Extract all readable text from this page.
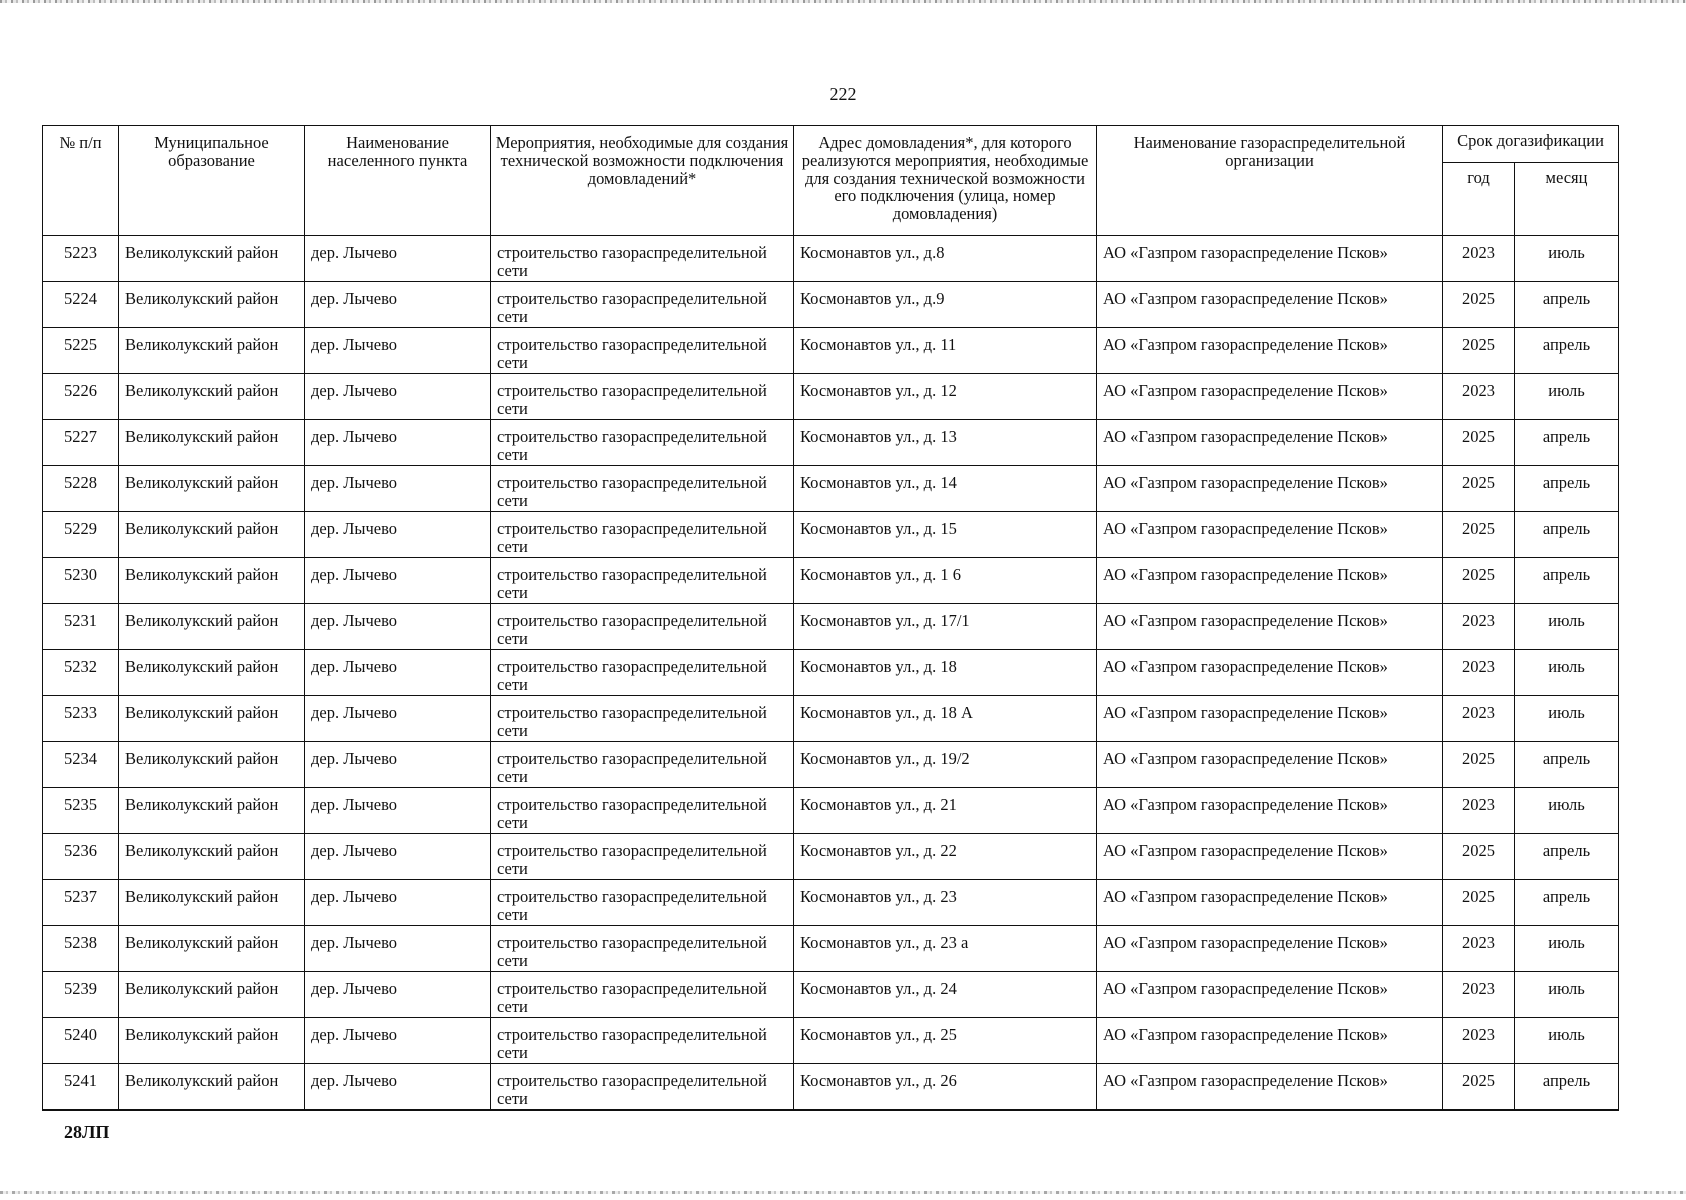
222
№ п/п	Муниципальное образование	Наименование населенного пункта	Мероприятия, необходимые для создания технической возможности подключения домовладений*	Адрес домовладения*, для которого реализуются мероприятия, необходимые для создания технической возможности его подключения (улица, номер домовладения)	Наименование газораспределительной организации	Срок догазификации	
						год	месяц
5223	Великолукский район	дер. Лычево	строительство газораспределительной сети	Космонавтов ул., д.8	АО «Газпром газораспределение Псков»	2023	июль
5224	Великолукский район	дер. Лычево	строительство газораспределительной сети	Космонавтов ул., д.9	АО «Газпром газораспределение Псков»	2025	апрель
5225	Великолукский район	дер. Лычево	строительство газораспределительной сети	Космонавтов ул., д. 11	АО «Газпром газораспределение Псков»	2025	апрель
5226	Великолукский район	дер. Лычево	строительство газораспределительной сети	Космонавтов ул., д. 12	АО «Газпром газораспределение Псков»	2023	июль
5227	Великолукский район	дер. Лычево	строительство газораспределительной сети	Космонавтов ул., д. 13	АО «Газпром газораспределение Псков»	2025	апрель
5228	Великолукский район	дер. Лычево	строительство газораспределительной сети	Космонавтов ул., д. 14	АО «Газпром газораспределение Псков»	2025	апрель
5229	Великолукский район	дер. Лычево	строительство газораспределительной сети	Космонавтов ул., д. 15	АО «Газпром газораспределение Псков»	2025	апрель
5230	Великолукский район	дер. Лычево	строительство газораспределительной сети	Космонавтов ул., д. 1 6	АО «Газпром газораспределение Псков»	2025	апрель
5231	Великолукский район	дер. Лычево	строительство газораспределительной сети	Космонавтов ул., д. 17/1	АО «Газпром газораспределение Псков»	2023	июль
5232	Великолукский район	дер. Лычево	строительство газораспределительной сети	Космонавтов ул., д. 18	АО «Газпром газораспределение Псков»	2023	июль
5233	Великолукский район	дер. Лычево	строительство газораспределительной сети	Космонавтов ул., д. 18 А	АО «Газпром газораспределение Псков»	2023	июль
5234	Великолукский район	дер. Лычево	строительство газораспределительной сети	Космонавтов ул., д. 19/2	АО «Газпром газораспределение Псков»	2025	апрель
5235	Великолукский район	дер. Лычево	строительство газораспределительной сети	Космонавтов ул., д. 21	АО «Газпром газораспределение Псков»	2023	июль
5236	Великолукский район	дер. Лычево	строительство газораспределительной сети	Космонавтов ул., д. 22	АО «Газпром газораспределение Псков»	2025	апрель
5237	Великолукский район	дер. Лычево	строительство газораспределительной сети	Космонавтов ул., д. 23	АО «Газпром газораспределение Псков»	2025	апрель
5238	Великолукский район	дер. Лычево	строительство газораспределительной сети	Космонавтов ул., д. 23 а	АО «Газпром газораспределение Псков»	2023	июль
5239	Великолукский район	дер. Лычево	строительство газораспределительной сети	Космонавтов ул., д. 24	АО «Газпром газораспределение Псков»	2023	июль
5240	Великолукский район	дер. Лычево	строительство газораспределительной сети	Космонавтов ул., д. 25	АО «Газпром газораспределение Псков»	2023	июль
5241	Великолукский район	дер. Лычево	строительство газораспределительной сети	Космонавтов ул., д. 26	АО «Газпром газораспределение Псков»	2025	апрель
28ЛП
